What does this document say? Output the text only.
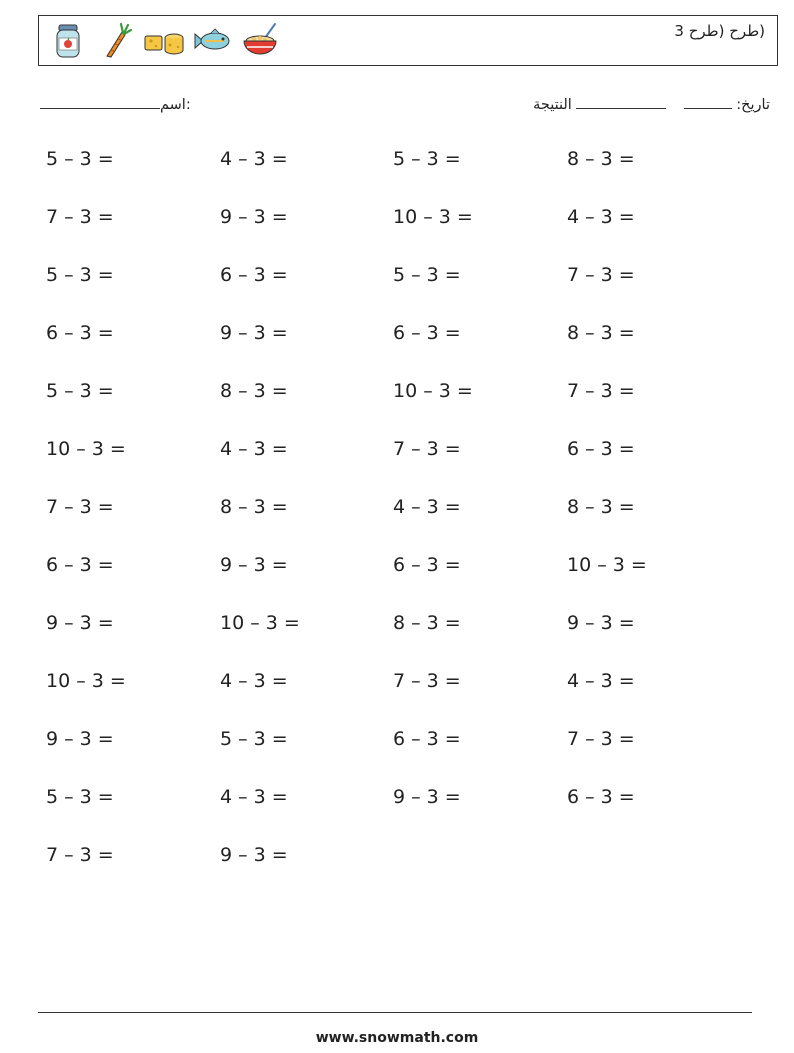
(طرح (طرح 3
اسم:	تاريخ:    النتيجة
5 – 3 =	4 – 3 =	5 – 3 =	8 – 3 =
7 – 3 =	9 – 3 =	10 – 3 =	4 – 3 =
5 – 3 =	6 – 3 =	5 – 3 =	7 – 3 =
6 – 3 =	9 – 3 =	6 – 3 =	8 – 3 =
5 – 3 =	8 – 3 =	10 – 3 =	7 – 3 =
10 – 3 =	4 – 3 =	7 – 3 =	6 – 3 =
7 – 3 =	8 – 3 =	4 – 3 =	8 – 3 =
6 – 3 =	9 – 3 =	6 – 3 =	10 – 3 =
9 – 3 =	10 – 3 =	8 – 3 =	9 – 3 =
10 – 3 =	4 – 3 =	7 – 3 =	4 – 3 =
9 – 3 =	5 – 3 =	6 – 3 =	7 – 3 =
5 – 3 =	4 – 3 =	9 – 3 =	6 – 3 =
7 – 3 =	9 – 3 =
www.snowmath.com
